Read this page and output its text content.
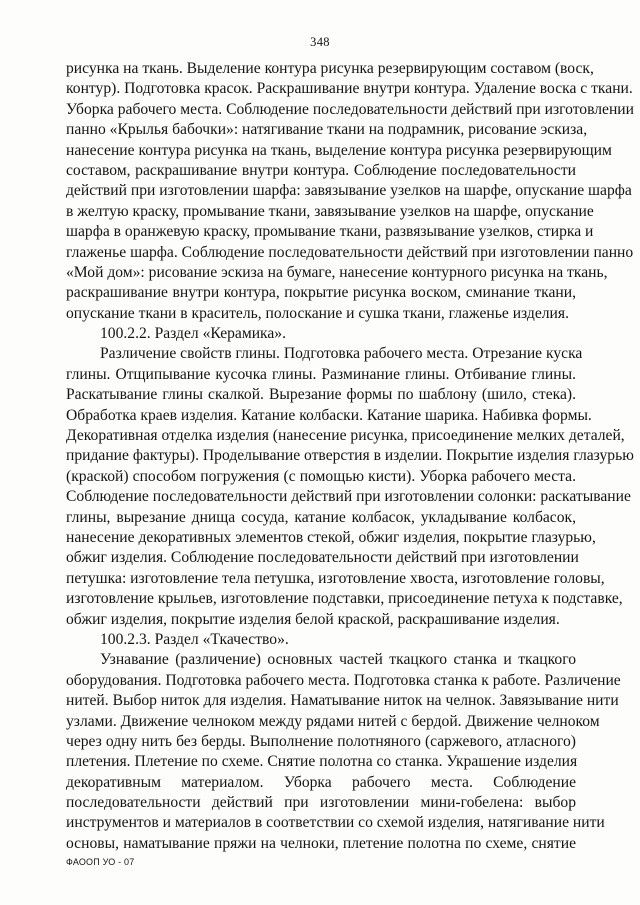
348
рисунка на ткань. Выделение контура рисунка резервирующим составом (воск,
контур). Подготовка красок. Раскрашивание внутри контура. Удаление воска с ткани.
Уборка рабочего места. Соблюдение последовательности действий при изготовлении
панно «Крылья бабочки»: натягивание ткани на подрамник, рисование эскиза,
нанесение контура рисунка на ткань, выделение контура рисунка резервирующим
составом, раскрашивание внутри контура. Соблюдение последовательности
действий при изготовлении шарфа: завязывание узелков на шарфе, опускание шарфа
в желтую краску, промывание ткани, завязывание узелков на шарфе, опускание
шарфа в оранжевую краску, промывание ткани, развязывание узелков, стирка и
глаженье шарфа. Соблюдение последовательности действий при изготовлении панно
«Мой дом»: рисование эскиза на бумаге, нанесение контурного рисунка на ткань,
раскрашивание внутри контура, покрытие рисунка воском, сминание ткани,
опускание ткани в краситель, полоскание и сушка ткани, глаженье изделия.
100.2.2. Раздел «Керамика».
Различение свойств глины. Подготовка рабочего места. Отрезание куска
глины. Отщипывание кусочка глины. Разминание глины. Отбивание глины.
Раскатывание глины скалкой. Вырезание формы по шаблону (шило, стека).
Обработка краев изделия. Катание колбаски. Катание шарика. Набивка формы.
Декоративная отделка изделия (нанесение рисунка, присоединение мелких деталей,
придание фактуры). Проделывание отверстия в изделии. Покрытие изделия глазурью
(краской) способом погружения (с помощью кисти). Уборка рабочего места.
Соблюдение последовательности действий при изготовлении солонки: раскатывание
глины, вырезание днища сосуда, катание колбасок, укладывание колбасок,
нанесение декоративных элементов стекой, обжиг изделия, покрытие глазурью,
обжиг изделия. Соблюдение последовательности действий при изготовлении
петушка: изготовление тела петушка, изготовление хвоста, изготовление головы,
изготовление крыльев, изготовление подставки, присоединение петуха к подставке,
обжиг изделия, покрытие изделия белой краской, раскрашивание изделия.
100.2.3. Раздел «Ткачество».
Узнавание (различение) основных частей ткацкого станка и ткацкого
оборудования. Подготовка рабочего места. Подготовка станка к работе. Различение
нитей. Выбор ниток для изделия. Наматывание ниток на челнок. Завязывание нити
узлами. Движение челноком между рядами нитей с бердой. Движение челноком
через одну нить без берды. Выполнение полотняного (саржевого, атласного)
плетения. Плетение по схеме. Снятие полотна со станка. Украшение изделия
декоративным материалом. Уборка рабочего места. Соблюдение
последовательности действий при изготовлении мини-гобелена: выбор
инструментов и материалов в соответствии со схемой изделия, натягивание нити
основы, наматывание пряжи на челноки, плетение полотна по схеме, снятие
ФАООП УО - 07
